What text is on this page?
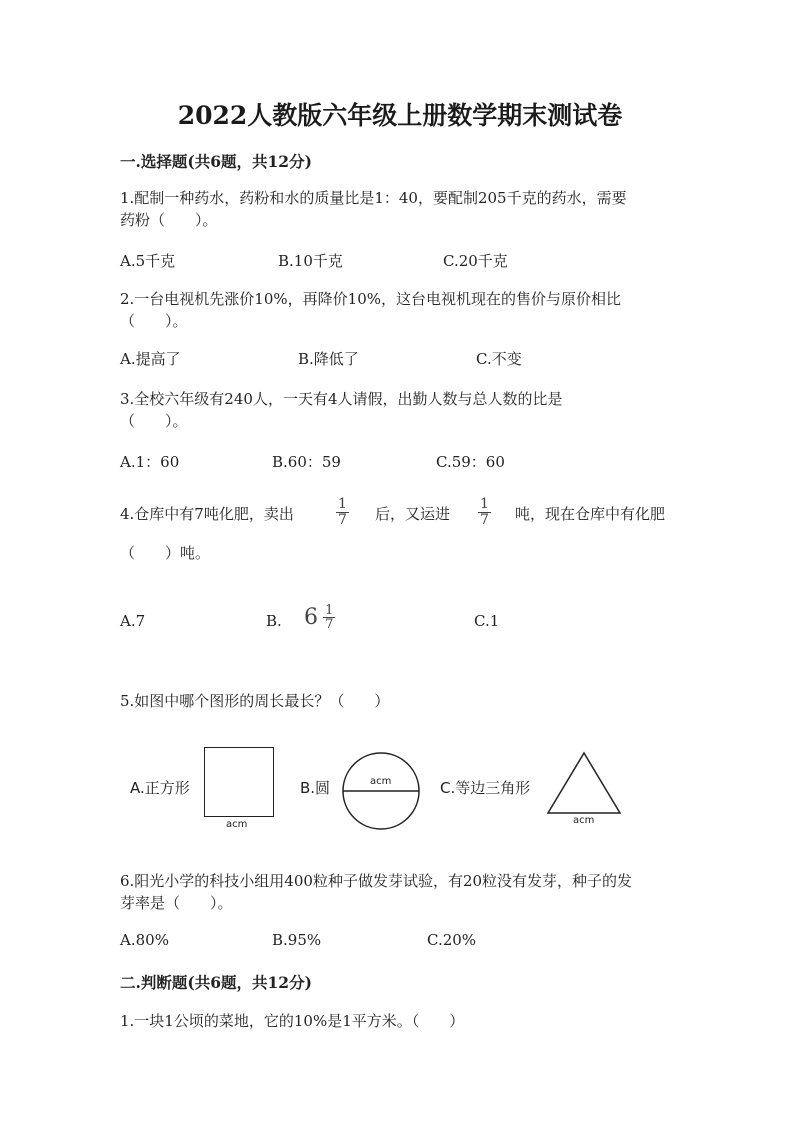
2022人教版六年级上册数学期末测试卷
一.选择题(共6题，共12分)
1.配制一种药水，药粉和水的质量比是1：40，要配制205千克的药水，需要
药粉（　　）。
A.5千克	B.10千克	C.20千克
2.一台电视机先涨价10%，再降价10%，这台电视机现在的售价与原价相比
（　　）。
A.提高了	B.降低了	C.不变
3.全校六年级有240人，一天有4人请假，出勤人数与总人数的比是
（　　）。
A.1：60	B.60：59	C.59：60
4.仓库中有7吨化肥，卖出	$\frac{1}{7}$ 后，又运进 $\frac{1}{7}$ 吨，现在仓库中有化肥
（　　）吨。
A.7	B. $6 \frac{1}{7}$	C.1
5.如图中哪个图形的周长最长？（　　）
A.正方形
acm
B.圆	acm	C.等边三角形
acm
6.阳光小学的科技小组用400粒种子做发芽试验，有20粒没有发芽，种子的发
芽率是（　　）。
A.80%	B.95%	C.20%
二.判断题(共6题，共12分)
1.一块1公顷的菜地，它的10%是1平方米。（　　）
